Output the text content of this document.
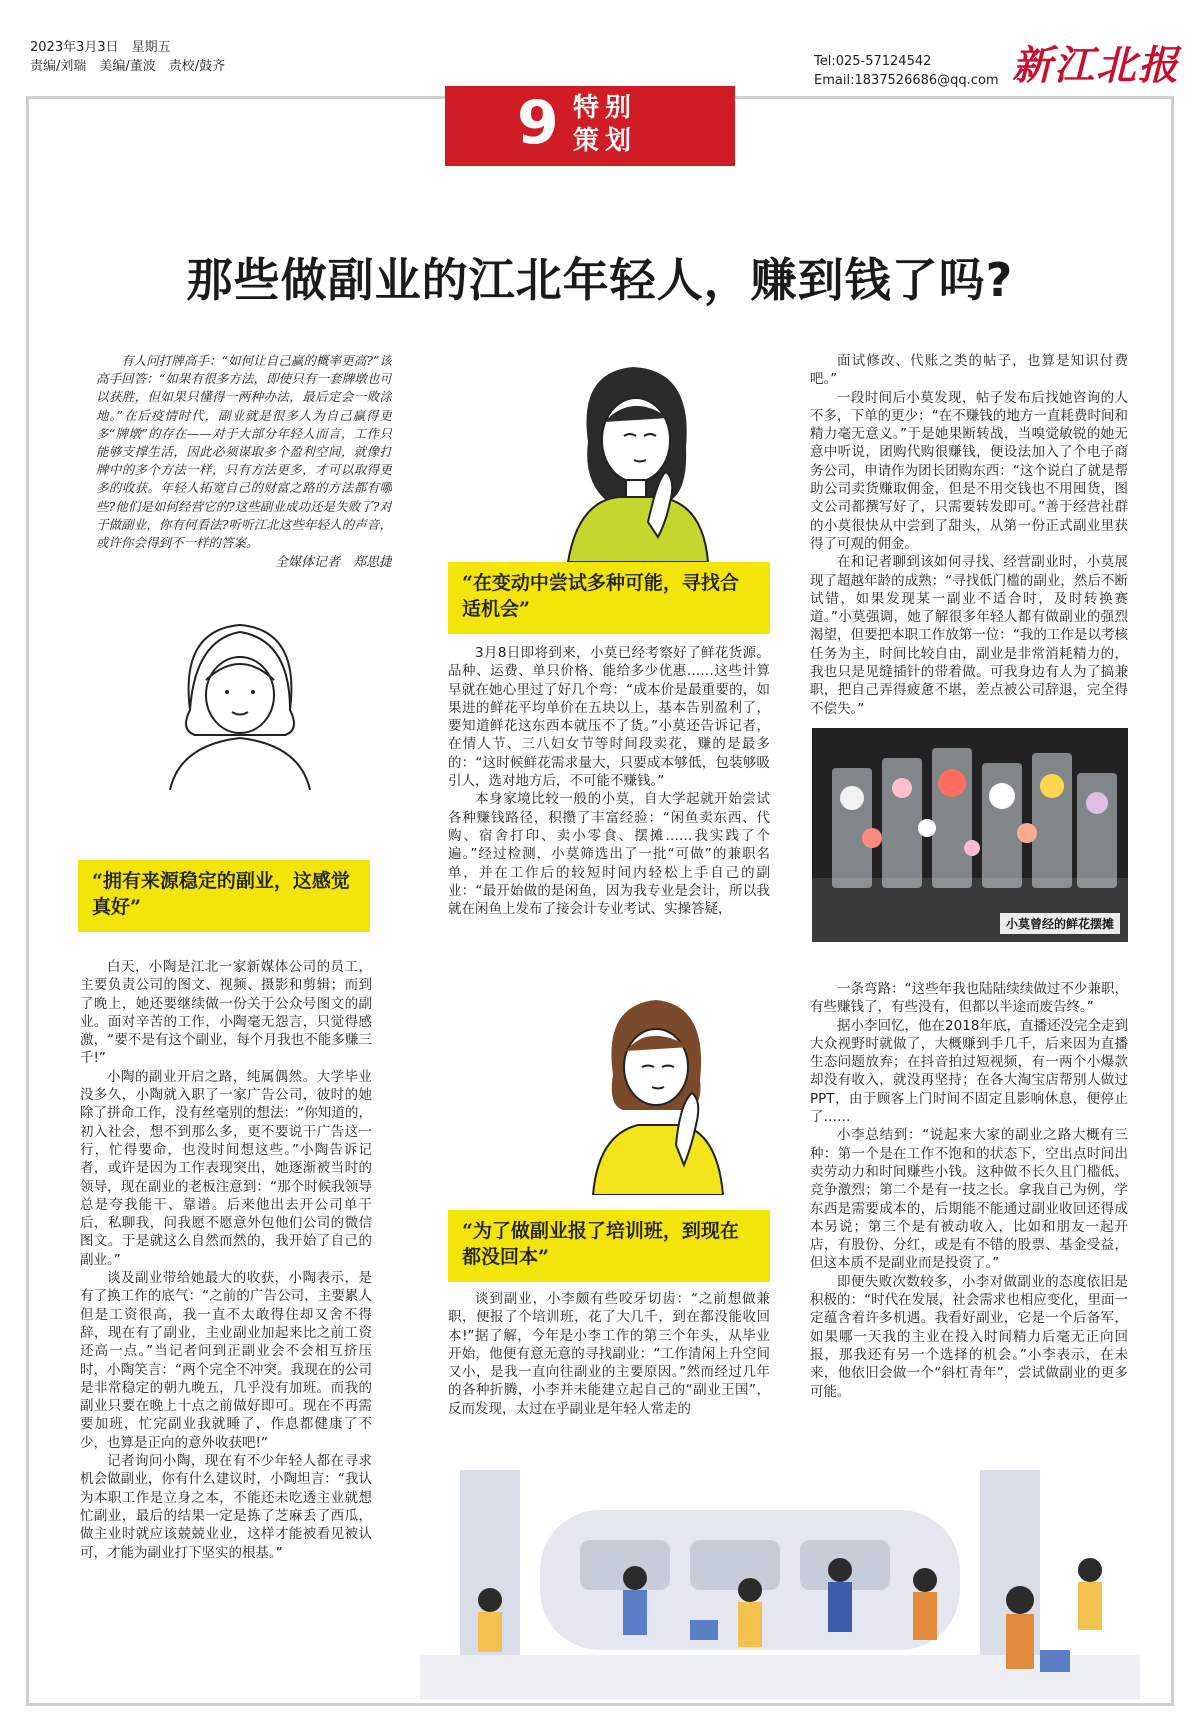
2023年3月3日　星期五
责编/刘瑞　美编/董波　责校/鼓齐	Tel:025-57124542
Email:1837526686@qq.com 新江北报
9 特别
策划
那些做副业的江北年轻人，赚到钱了吗?

有人问打牌高手：“如何让自己赢的概率更高?”该高手回答：“如果有很多方法，即使只有一套牌墩也可以获胜，但如果只懂得一两种办法，最后定会一败涂地。”在后疫情时代，副业就是很多人为自己赢得更多“牌墩”的存在——对于大部分年轻人而言，工作只能够支撑生活，因此必须谋取多个盈利空间，就像打牌中的多个方法一样，只有方法更多，才可以取得更多的收获。年轻人拓宽自己的财富之路的方法都有哪些?他们是如何经营它的?这些副业成功还是失败了?对于做副业，你有何看法?听听江北这些年轻人的声音，或许你会得到不一样的答案。

全媒体记者　郑思捷
“在变动中尝试多种可能，寻找合适机会”

3月8日即将到来，小莫已经考察好了鲜花货源。品种、运费、单只价格、能给多少优惠……这些计算早就在她心里过了好几个弯：“成本价是最重要的，如果进的鲜花平均单价在五块以上，基本告别盈利了，要知道鲜花这东西本就压不了货。”小莫还告诉记者，在情人节、三八妇女节等时间段卖花，赚的是最多的：“这时候鲜花需求量大，只要成本够低，包装够吸引人，选对地方后，不可能不赚钱。”

本身家境比较一般的小莫，自大学起就开始尝试各种赚钱路径，积攒了丰富经验：“闲鱼卖东西、代购、宿舍打印、卖小零食、摆摊……我实践了个遍。”经过检测，小莫筛选出了一批“可做”的兼职名单，并在工作后的较短时间内轻松上手自己的副业：“最开始做的是闲鱼，因为我专业是会计，所以我就在闲鱼上发布了接会计专业考试、实操答疑，

面试修改、代账之类的帖子，也算是知识付费吧。”

一段时间后小莫发现，帖子发布后找她咨询的人不多，下单的更少：“在不赚钱的地方一直耗费时间和精力毫无意义。”于是她果断转战，当嗅觉敏锐的她无意中听说，团购代购很赚钱，便设法加入了个电子商务公司，申请作为团长团购东西：“这个说白了就是帮助公司卖货赚取佣金，但是不用交钱也不用囤货，图文公司都撰写好了，只需要转发即可。”善于经营社群的小莫很快从中尝到了甜头，从第一份正式副业里获得了可观的佣金。

在和记者聊到该如何寻找、经营副业时，小莫展现了超越年龄的成熟：“寻找低门槛的副业，然后不断试错，如果发现某一副业不适合时，及时转换赛道。”小莫强调，她了解很多年轻人都有做副业的强烈渴望，但要把本职工作放第一位：“我的工作是以考核任务为主，时间比较自由，副业是非常消耗精力的，我也只是见缝插针的带着做。可我身边有人为了搞兼职，把自己弄得疲惫不堪，差点被公司辞退，完全得不偿失。”

小莫曾经的鲜花摆摊
“拥有来源稳定的副业，这感觉真好”

白天，小陶是江北一家新媒体公司的员工，主要负责公司的图文、视频、摄影和剪辑；而到了晚上，她还要继续做一份关于公众号图文的副业。面对辛苦的工作，小陶毫无怨言，只觉得感激，“要不是有这个副业，每个月我也不能多赚三千!”

小陶的副业开启之路，纯属偶然。大学毕业没多久，小陶就入职了一家广告公司，彼时的她除了拼命工作，没有丝毫别的想法：“你知道的，初入社会，想不到那么多，更不要说干广告这一行，忙得要命，也没时间想这些。”小陶告诉记者，或许是因为工作表现突出，她逐渐被当时的领导，现在副业的老板注意到：“那个时候我领导总是夸我能干、靠谱。后来他出去开公司单干后，私聊我，问我愿不愿意外包他们公司的微信图文。于是就这么自然而然的，我开始了自己的副业。”

谈及副业带给她最大的收获，小陶表示，是有了换工作的底气：“之前的广告公司，主要累人但是工资很高，我一直不太敢得住却又舍不得辞，现在有了副业，主业副业加起来比之前工资还高一点。”当记者问到正副业会不会相互挤压时，小陶笑言：“两个完全不冲突。我现在的公司是非常稳定的朝九晚五，几乎没有加班。而我的副业只要在晚上十点之前做好即可。现在不再需要加班，忙完副业我就睡了，作息都健康了不少，也算是正向的意外收获吧!”

记者询问小陶，现在有不少年轻人都在寻求机会做副业，你有什么建议时，小陶坦言：“我认为本职工作是立身之本，不能还未吃透主业就想忙副业，最后的结果一定是拣了芝麻丢了西瓜，做主业时就应该兢兢业业，这样才能被看见被认可，才能为副业打下坚实的根基。”

“为了做副业报了培训班，到现在都没回本”

谈到副业，小李颇有些咬牙切齿：“之前想做兼职，便报了个培训班，花了大几千，到在都没能收回本!”据了解，今年是小李工作的第三个年头，从毕业开始，他便有意无意的寻找副业：“工作清闲上升空间又小，是我一直向往副业的主要原因。”然而经过几年的各种折腾，小李并未能建立起自己的“副业王国”，反而发现，太过在乎副业是年轻人常走的

一条弯路：“这些年我也陆陆续续做过不少兼职，有些赚钱了，有些没有，但都以半途而废告终。”

据小李回忆，他在2018年底，直播还没完全走到大众视野时就做了，大概赚到手几千，后来因为直播生态问题放弃；在抖音拍过短视频，有一两个小爆款却没有收入，就没再坚持；在各大淘宝店帮别人做过PPT，由于顾客上门时间不固定且影响休息，便停止了……

小李总结到：“说起来大家的副业之路大概有三种：第一个是在工作不饱和的状态下，空出点时间出卖劳动力和时间赚些小钱。这种做不长久且门槛低、竞争激烈；第二个是有一技之长。拿我自己为例，学东西是需要成本的，后期能不能通过副业收回还得成本另说；第三个是有被动收入，比如和朋友一起开店，有股份、分红，或是有不错的股票、基金受益，但这本质不是副业而是投资了。”

即便失败次数较多，小李对做副业的态度依旧是积极的：“时代在发展，社会需求也相应变化，里面一定蕴含着许多机遇。我看好副业，它是一个后备军，如果哪一天我的主业在投入时间精力后毫无正向回报，那我还有另一个选择的机会。”小李表示，在未来，他依旧会做一个“斜杠青年”，尝试做副业的更多可能。
